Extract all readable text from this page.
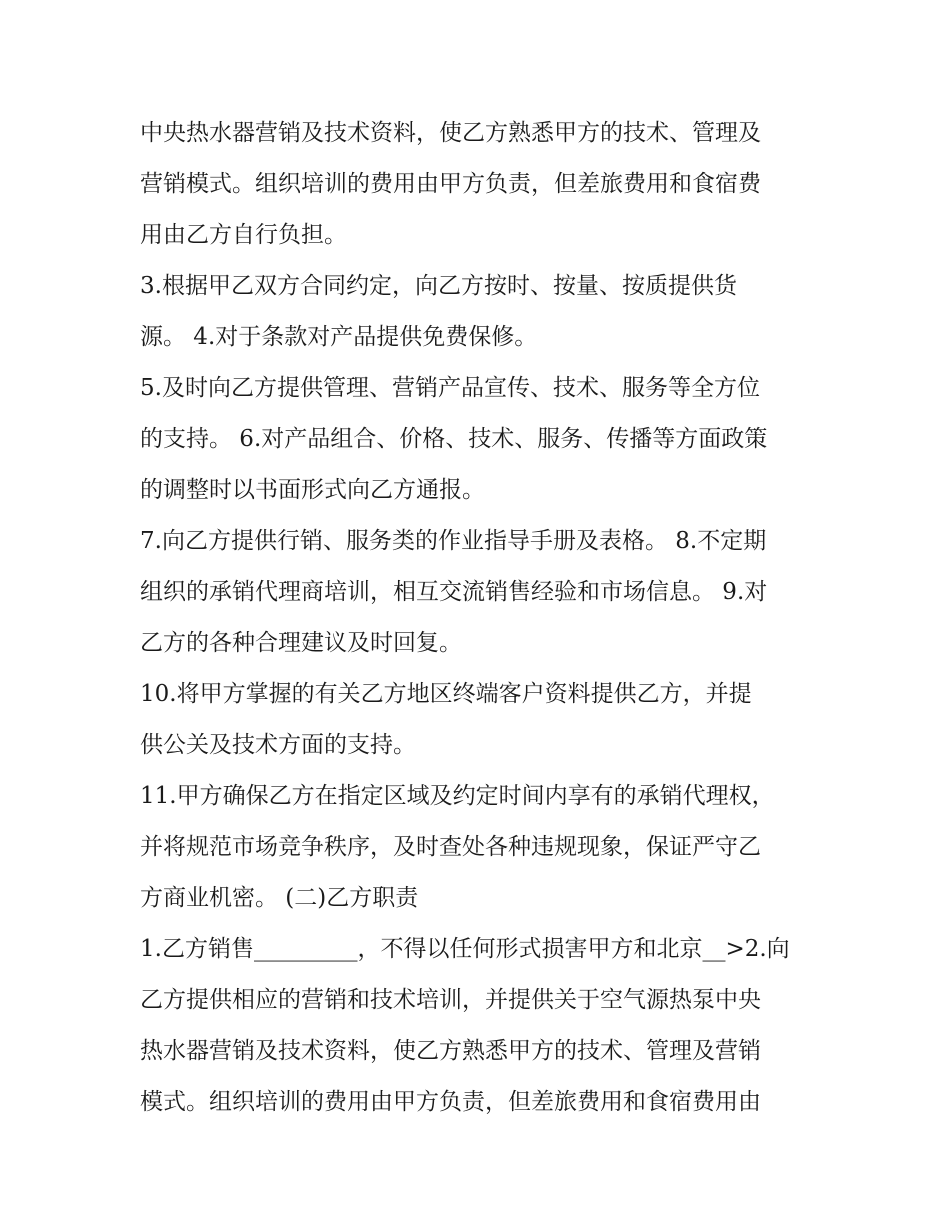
中央热水器营销及技术资料，使乙方熟悉甲方的技术、管理及
营销模式。组织培训的费用由甲方负责，但差旅费用和食宿费
用由乙方自行负担。
3.根据甲乙双方合同约定，向乙方按时、按量、按质提供货
源。 4.对于条款对产品提供免费保修。
5.及时向乙方提供管理、营销产品宣传、技术、服务等全方位
的支持。 6.对产品组合、价格、技术、服务、传播等方面政策
的调整时以书面形式向乙方通报。
7.向乙方提供行销、服务类的作业指导手册及表格。 8.不定期
组织的承销代理商培训，相互交流销售经验和市场信息。 9.对
乙方的各种合理建议及时回复。
10.将甲方掌握的有关乙方地区终端客户资料提供乙方，并提
供公关及技术方面的支持。
11.甲方确保乙方在指定区域及约定时间内享有的承销代理权，
并将规范市场竞争秩序，及时查处各种违规现象，保证严守乙
方商业机密。 (二)乙方职责
1.乙方销售_________，不得以任何形式损害甲方和北京__>2.向
乙方提供相应的营销和技术培训，并提供关于空气源热泵中央
热水器营销及技术资料，使乙方熟悉甲方的技术、管理及营销
模式。组织培训的费用由甲方负责，但差旅费用和食宿费用由
